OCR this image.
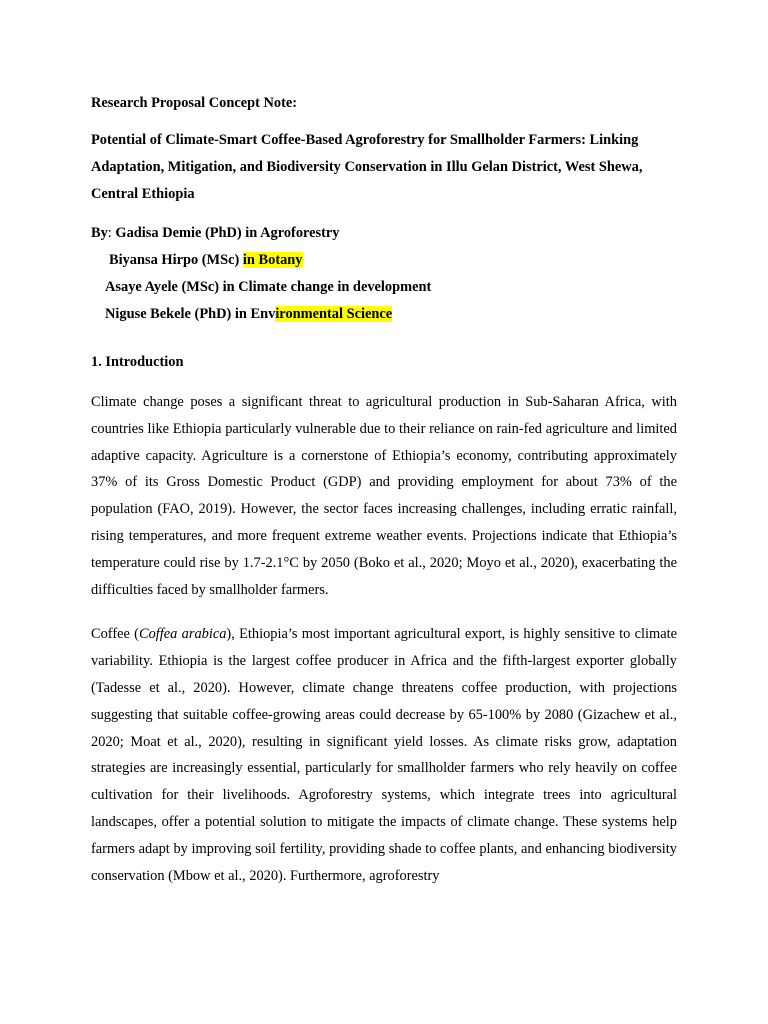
Research Proposal Concept Note:

Potential of Climate-Smart Coffee-Based Agroforestry for Smallholder Farmers: Linking Adaptation, Mitigation, and Biodiversity Conservation in Illu Gelan District, West Shewa, Central Ethiopia

By: Gadisa Demie (PhD) in Agroforestry
Biyansa Hirpo (MSc) in Botany
Asaye Ayele (MSc) in Climate change in development
Niguse Bekele (PhD) in Environmental Science

1. Introduction

Climate change poses a significant threat to agricultural production in Sub-Saharan Africa, with countries like Ethiopia particularly vulnerable due to their reliance on rain-fed agriculture and limited adaptive capacity. Agriculture is a cornerstone of Ethiopia’s economy, contributing approximately 37% of its Gross Domestic Product (GDP) and providing employment for about 73% of the population (FAO, 2019). However, the sector faces increasing challenges, including erratic rainfall, rising temperatures, and more frequent extreme weather events. Projections indicate that Ethiopia’s temperature could rise by 1.7-2.1°C by 2050 (Boko et al., 2020; Moyo et al., 2020), exacerbating the difficulties faced by smallholder farmers.

Coffee (Coffea arabica), Ethiopia’s most important agricultural export, is highly sensitive to climate variability. Ethiopia is the largest coffee producer in Africa and the fifth-largest exporter globally (Tadesse et al., 2020). However, climate change threatens coffee production, with projections suggesting that suitable coffee-growing areas could decrease by 65-100% by 2080 (Gizachew et al., 2020; Moat et al., 2020), resulting in significant yield losses. As climate risks grow, adaptation strategies are increasingly essential, particularly for smallholder farmers who rely heavily on coffee cultivation for their livelihoods. Agroforestry systems, which integrate trees into agricultural landscapes, offer a potential solution to mitigate the impacts of climate change. These systems help farmers adapt by improving soil fertility, providing shade to coffee plants, and enhancing biodiversity conservation (Mbow et al., 2020). Furthermore, agroforestry
